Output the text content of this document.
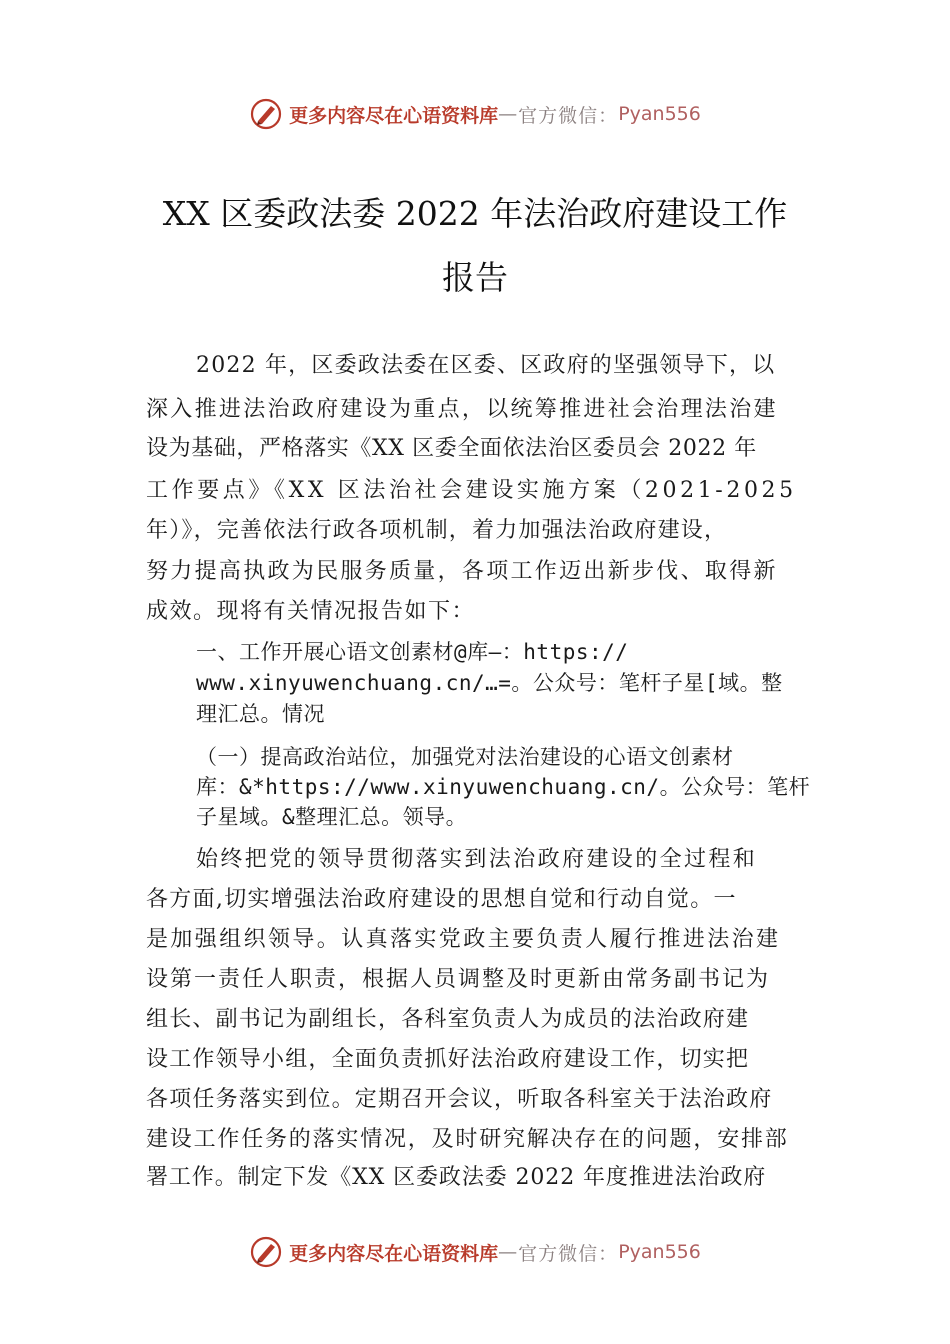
更多内容尽在心语资料库 — 官方微信： Pyan556
XX 区委政法委 2022 年法治政府建设工作
报告

2022 年，区委政法委在区委、区政府的坚强领导下，以

深入推进法治政府建设为重点，以统筹推进社会治理法治建

设为基础，严格落实《XX 区委全面依法治区委员会 2022 年

工作要点》《XX 区法治社会建设实施方案（2021-2025

年）》，完善依法行政各项机制，着力加强法治政府建设，

努力提高执政为民服务质量，各项工作迈出新步伐、取得新

成效。现将有关情况报告如下：

一、工作开展心语文创素材@库—：https://

www.xinyuwenchuang.cn/…=。公众号：笔杆子星[域。整

理汇总。情况

（一）提高政治站位，加强党对法治建设的心语文创素材

库：&*https://www.xinyuwenchuang.cn/。公众号：笔杆

子星域。&整理汇总。领导。

始终把党的领导贯彻落实到法治政府建设的全过程和

各方面,切实增强法治政府建设的思想自觉和行动自觉。一

是加强组织领导。认真落实党政主要负责人履行推进法治建

设第一责任人职责，根据人员调整及时更新由常务副书记为

组长、副书记为副组长，各科室负责人为成员的法治政府建

设工作领导小组，全面负责抓好法治政府建设工作，切实把

各项任务落实到位。定期召开会议，听取各科室关于法治政府

建设工作任务的落实情况，及时研究解决存在的问题，安排部

署工作。制定下发《XX 区委政法委 2022 年度推进法治政府

更多内容尽在心语资料库 — 官方微信： Pyan556
